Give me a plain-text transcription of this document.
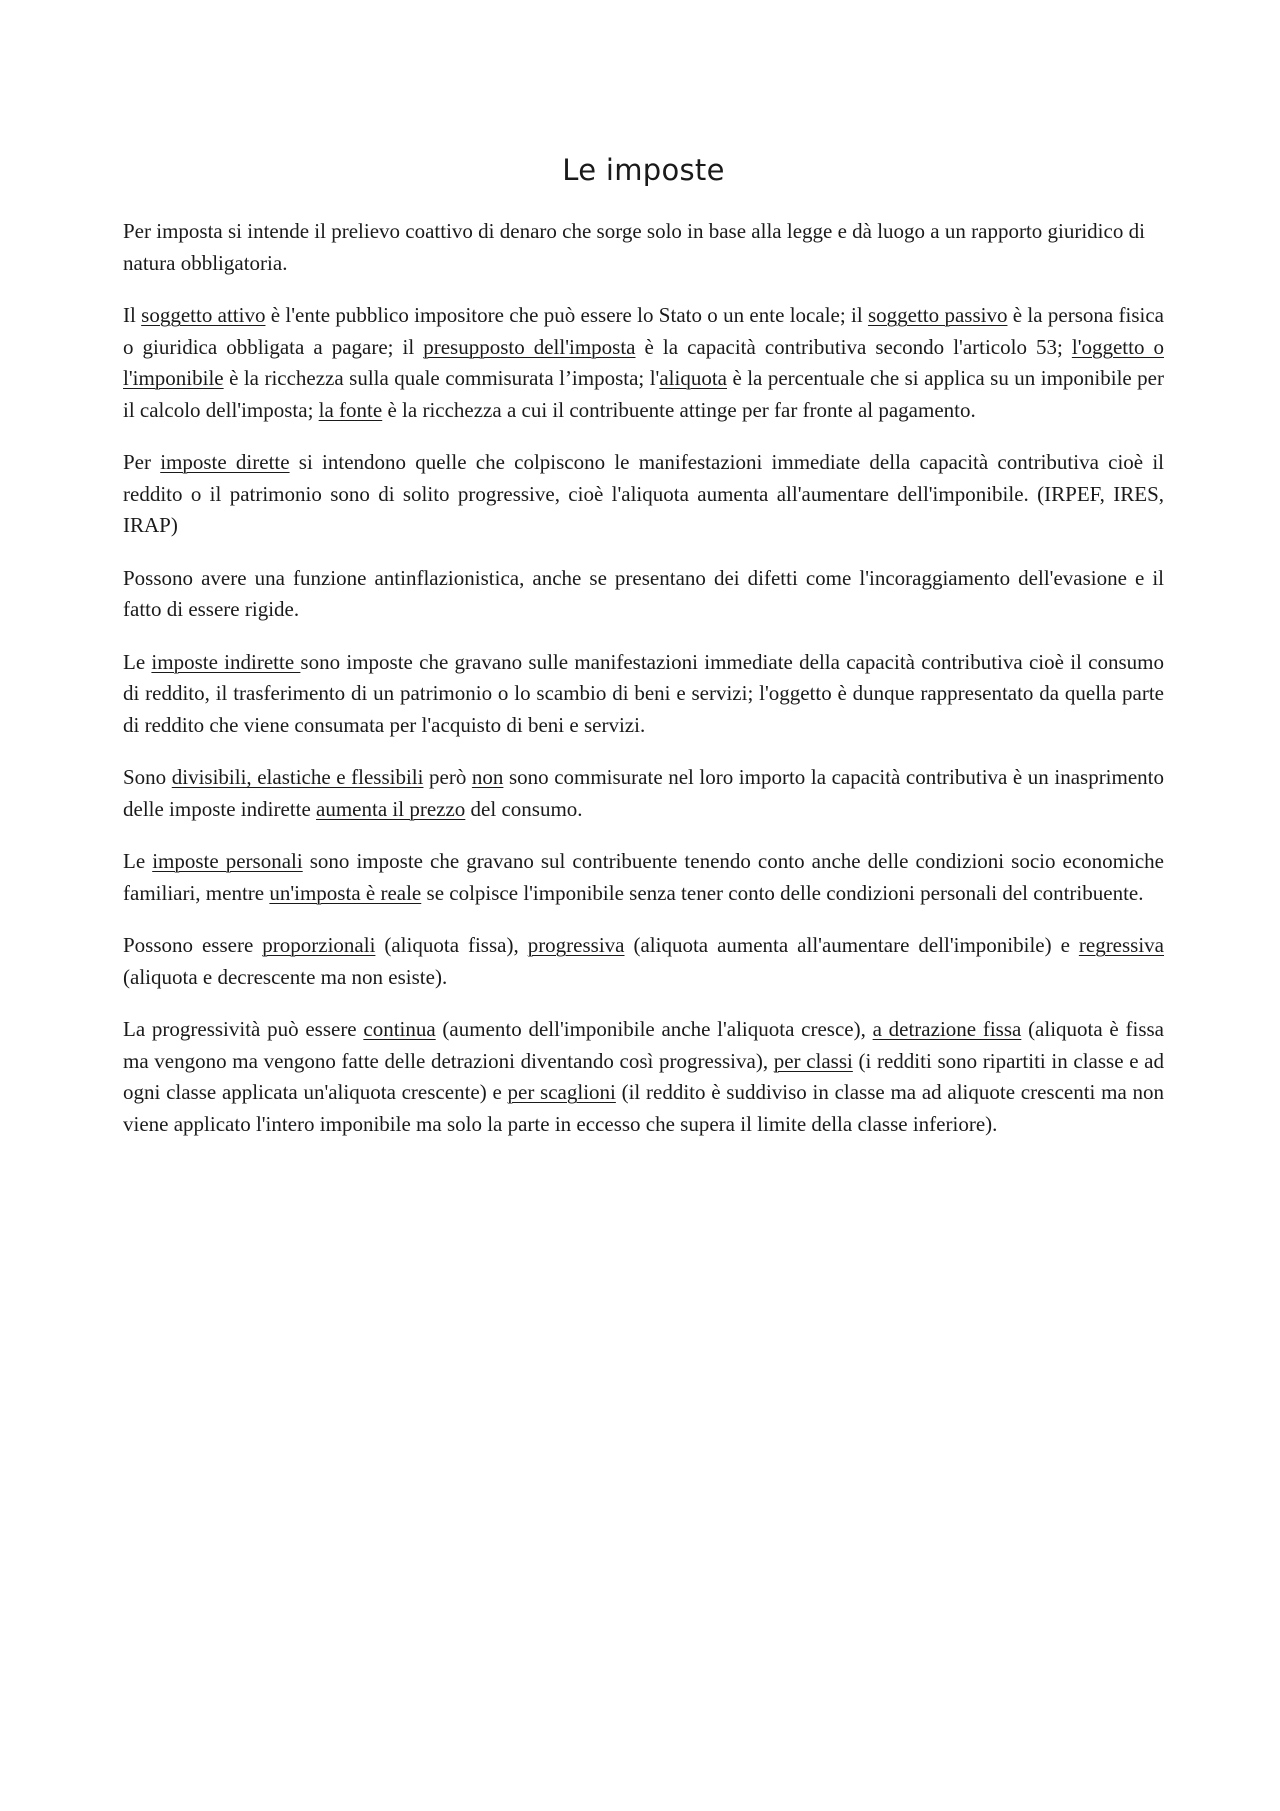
Le imposte

Per imposta si intende il prelievo coattivo di denaro che sorge solo in base alla legge e dà luogo a un rapporto giuridico di natura obbligatoria.

Il soggetto attivo è l'ente pubblico impositore che può essere lo Stato o un ente locale; il soggetto passivo è la persona fisica o giuridica obbligata a pagare; il presupposto dell'imposta è la capacità contributiva secondo l'articolo 53; l'oggetto o l'imponibile è la ricchezza sulla quale commisurata l’imposta; l'aliquota è la percentuale che si applica su un imponibile per il calcolo dell'imposta; la fonte è la ricchezza a cui il contribuente attinge per far fronte al pagamento.

Per imposte dirette si intendono quelle che colpiscono le manifestazioni immediate della capacità contributiva cioè il reddito o il patrimonio sono di solito progressive, cioè l'aliquota aumenta all'aumentare dell'imponibile. (IRPEF, IRES, IRAP)

Possono avere una funzione antinflazionistica, anche se presentano dei difetti come l'incoraggiamento dell'evasione e il fatto di essere rigide.

Le imposte indirette sono imposte che gravano sulle manifestazioni immediate della capacità contributiva cioè il consumo di reddito, il trasferimento di un patrimonio o lo scambio di beni e servizi; l'oggetto è dunque rappresentato da quella parte di reddito che viene consumata per l'acquisto di beni e servizi.

Sono divisibili, elastiche e flessibili però non sono commisurate nel loro importo la capacità contributiva è un inasprimento delle imposte indirette aumenta il prezzo del consumo.

Le imposte personali sono imposte che gravano sul contribuente tenendo conto anche delle condizioni socio economiche familiari, mentre un'imposta è reale se colpisce l'imponibile senza tener conto delle condizioni personali del contribuente.

Possono essere proporzionali (aliquota fissa), progressiva (aliquota aumenta all'aumentare dell'imponibile) e regressiva (aliquota e decrescente ma non esiste).

La progressività può essere continua (aumento dell'imponibile anche l'aliquota cresce), a detrazione fissa (aliquota è fissa ma vengono ma vengono fatte delle detrazioni diventando così progressiva), per classi (i redditi sono ripartiti in classe e ad ogni classe applicata un'aliquota crescente) e per scaglioni (il reddito è suddiviso in classe ma ad aliquote crescenti ma non viene applicato l'intero imponibile ma solo la parte in eccesso che supera il limite della classe inferiore).
